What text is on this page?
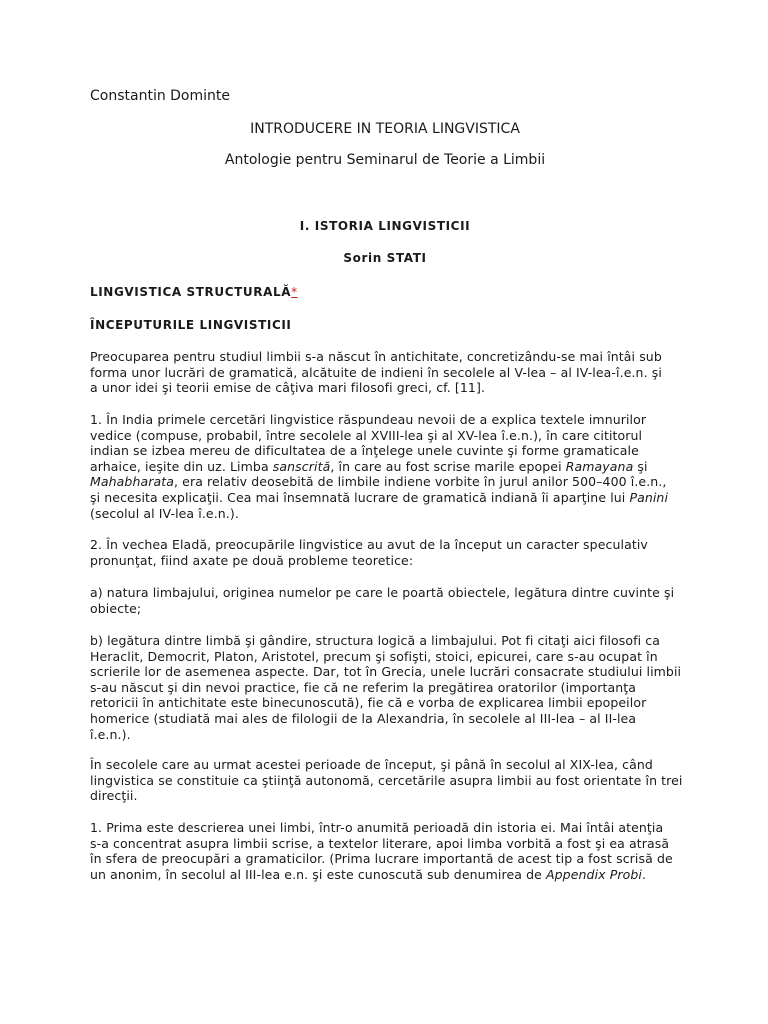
Constantin Dominte
INTRODUCERE IN TEORIA LINGVISTICA
Antologie pentru Seminarul de Teorie a Limbii
I. ISTORIA LINGVISTICII
Sorin STATI
LINGVISTICA STRUCTURALĂ*
ÎNCEPUTURILE LINGVISTICII
Preocuparea pentru studiul limbii s-a născut în antichitate, concretizându-se mai întâi sub
forma unor lucrări de gramatică, alcătuite de indieni în secolele al V-lea – al IV-lea-î.e.n. şi
a unor idei şi teorii emise de câţiva mari filosofi greci, cf. [11].
1. În India primele cercetări lingvistice răspundeau nevoii de a explica textele imnurilor
vedice (compuse, probabil, între secolele al XVIII-lea şi al XV-lea î.e.n.), în care cititorul
indian se izbea mereu de dificultatea de a înţelege unele cuvinte şi forme gramaticale
arhaice, ieşite din uz. Limba sanscrită, în care au fost scrise marile epopei Ramayana şi
Mahabharata, era relativ deosebită de limbile indiene vorbite în jurul anilor 500–400 î.e.n.,
şi necesita explicaţii. Cea mai însemnată lucrare de gramatică indiană îi aparţine lui Panini
(secolul al IV-lea î.e.n.).
2. În vechea Eladă, preocupările lingvistice au avut de la început un caracter speculativ
pronunţat, fiind axate pe două probleme teoretice:
a) natura limbajului, originea numelor pe care le poartă obiectele, legătura dintre cuvinte şi
obiecte;
b) legătura dintre limbă şi gândire, structura logică a limbajului. Pot fi citaţi aici filosofi ca
Heraclit, Democrit, Platon, Aristotel, precum şi sofişti, stoici, epicurei, care s-au ocupat în
scrierile lor de asemenea aspecte. Dar, tot în Grecia, unele lucrări consacrate studiului limbii
s-au născut şi din nevoi practice, fie că ne referim la pregătirea oratorilor (importanţa
retoricii în antichitate este binecunoscută), fie că e vorba de explicarea limbii epopeilor
homerice (studiată mai ales de filologii de la Alexandria, în secolele al III-lea – al II-lea
î.e.n.).
În secolele care au urmat acestei perioade de început, şi până în secolul al XIX-lea, când
lingvistica se constituie ca ştiinţă autonomă, cercetările asupra limbii au fost orientate în trei
direcţii.
1. Prima este descrierea unei limbi, într-o anumită perioadă din istoria ei. Mai întâi atenţia
s-a concentrat asupra limbii scrise, a textelor literare, apoi limba vorbită a fost şi ea atrasă
în sfera de preocupări a gramaticilor. (Prima lucrare importantă de acest tip a fost scrisă de
un anonim, în secolul al III-lea e.n. şi este cunoscută sub denumirea de Appendix Probi.
